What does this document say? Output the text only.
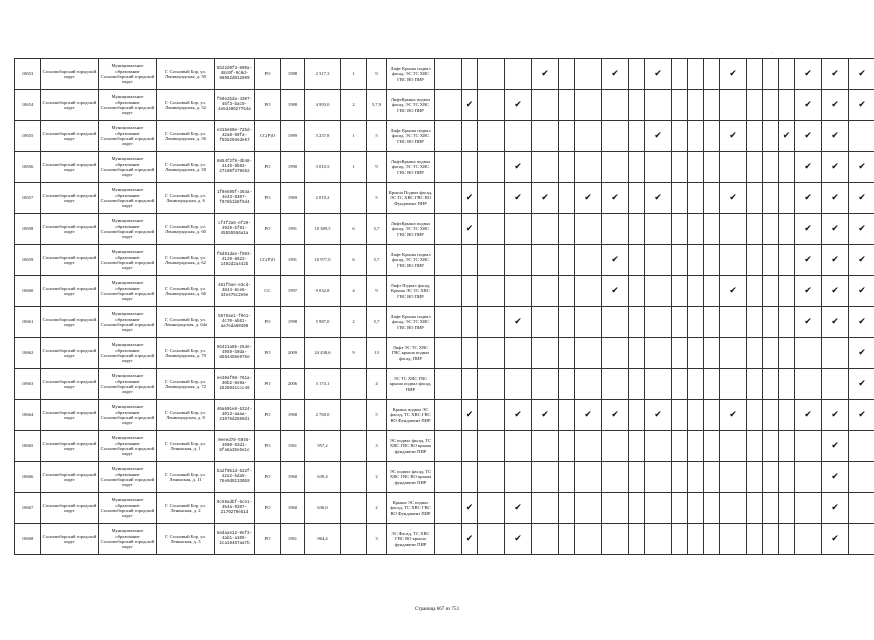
,
10653	Сосновоборский городской округ	Муниципальное образование Сосновоборский городской округ	Г. Сосновый Бор, ул. Ленинградская, д. 50	5b22d9f3-609a-48c0f-9c8d-86662d012999	РО	1988	2 317,3	1	9	Лифт Крыша подвал фасад, ЭС ТС ХВС ГВС ВО ПИР					✔			✔		✔				✔				✔	✔	✔
10654	Сосновоборский городской округ	Муниципальное образование Сосновоборский городской округ	Г. Сосновый Бор, ул. Ленинградская, д. 52	f50e2bda-4307-45f3-bac9-4e5340027754a	РО	1988	4 993,0	2	5,7,9	ЛифтКрыша подвал фасад, ЭС ТС ХВС ГВС ВО ПИР		✔		✔														✔	✔	✔
10655	Сосновоборский городской округ	Муниципальное образование Сосновоборский городской округ	Г. Сосновый Бор, ул. Ленинградская, д. 56	e315e50e-72bd-42a8-99fa-f5b5203ede67	СС(Р)О	1989	3 237,8	1	5	Лифт Крыша подвал фасад, ЭС ТС ХВС ГВС ВО ПИР										✔				✔			✔	✔	✔	
10656	Сосновоборский городской округ	Муниципальное образование Сосновоборский городской округ	Г. Сосновый Бор, ул. Ленинградская, д. 58	6854f2f9-db48-4145-9b93-27106f379e52	РО	1990	3 010,5	1	9	ЛифтКрыша подвал фасад, ЭС ТС ХВС ГВС ВО ПИР				✔														✔	✔	✔
10657	Сосновоборский городской округ	Муниципальное образование Сосновоборский городской округ	Г. Сосновый Бор, ул. Ленинградская, д. 6	1f0e595f-364a-4e43-8307-f078b1b8f5d4	РО	1969	2 019,2		5	Крыша Подвал фасад, ЭС ТС ХВС ГВС ВО Фундамент ПИР		✔		✔	✔		✔	✔		✔				✔				✔	✔	✔
10658	Сосновоборский городской округ	Муниципальное образование Сосновоборский городской округ	Г. Сосновый Бор, ул. Ленинградская, д. 60	cf4f3a5-ef29-4929-bf91-45555556a1a	РО	1991	10 389,5	6	5,7	ЛифтКрыша подвал фасад, ЭС ТС ХВС ГВС ВО ПИР		✔																✔	✔	✔
10659	Сосновоборский городской округ	Муниципальное образование Сосновоборский городской округ	Г. Сосновый Бор, ул. Ленинградская, д. 62	f5d61dae-f093-4129-8622-1492d2a442b	СС(Р)О	1991	10 977,0	6	5,7	Лифт Крыша подвал фасад, ЭС ТС ХВС ГВС ВО ПИР								✔										✔	✔	✔
10660	Сосновоборский городской округ	Муниципальное образование Сосновоборский городской округ	Г. Сосновый Бор, ул. Ленинградская, д. 66	461f5ae-e3cd-4844-8ce6-34e475c2e9e	СС	1997	9 032,8	4	9	Лифт Подвал фасад, Крыша ЭС ТС ХВС ГВС ВО ПИР								✔						✔				✔	✔	✔
10661	Сосновоборский городской округ	Муниципальное образование Сосновоборский городской округ	Г. Сосновый Бор, ул. Ленинградская, д. 64а	5675ae1-f9e1-4c70-ab61-aa7eda60498	РО	1998	5 987,0	2	5,7	Лифт Крыша подвал фасад, ЭС ТС ХВС ГВС ВО ПИР				✔														✔	✔	✔
10662	Сосновоборский городской округ	Муниципальное образование Сосновоборский городской округ	Г. Сосновый Бор, ул. Ленинградская, д. 70	96421a85-254e-4959-b9da-8564456e975e	РО	2009	24 438,6	9	13	Лифт ЭС ТС ХВС ГВС крыша подвал фасад, ПИР																				✔
10663	Сосновоборский городской округ	Муниципальное образование Сосновоборский городской округ	Г. Сосновый Бор, ул. Ленинградская, д. 72	ee30af08-761a-40b2-8e9a-2526641ccc46	РО	2006	3 173,1		4	ЭС ТС ХВС ГВС крыша подвал фасад, ПИР																				✔
10664	Сосновоборский городской округ	Муниципальное образование Сосновоборский городской округ	Г. Сосновый Бор, ул. Ленинградская, д. 8	40a601e6-6324-4013-aaaa-23675d2559d1	РО	1968	2 760,0		5	Крыша подвал ЭС фасад, ТС ХВС ГВС ВО Фундамент ПИР		✔		✔	✔		✔	✔		✔				✔				✔	✔	✔
10665	Сосновоборский городской округ	Муниципальное образование Сосновоборский городской округ	Г. Сосновый Бор, ул. Ленинская, д. 1	0eeed78-5945-4990-93d1-6fa6a35e5e1c	РО	1961	957,2		3	ЭС подвал фасад, ТС ХВС ГВС ВО крыша фундамент ПИР																			✔	
10666	Сосновоборский городской округ	Муниципальное образование Сосновоборский городской округ	Г. Сосновый Бор, ул. Ленинская, д. 11	ba2f0b1d-522f-42a2-bda5-76e9d91339b9	РО	1960	639,4		2	ЭС подвал фасад, ТС ХВС ГВС ВО крыша фундамент ПИР																			✔	
10667	Сосновоборский городской округ	Муниципальное образование Сосновоборский городской округ	Г. Сосновый Бор, ул. Ленинская, д. 2	9c59adbf-6ce1-454a-9397-2170279eb1d	РО	1960	636,0		2	Крыша ЭС подвал фасад, ТС ХВС ГВС ВО Фундамент ПИР		✔		✔															✔	
10668	Сосновоборский городской округ	Муниципальное образование Сосновоборский городской округ	Г. Сосновый Бор, ул. Ленинская, д. 3	5edaae12-9ef3-4ab1-a109-2ca19467aa7b	РО	1961	964,4		3	ЭС Фасад, ТС ХВС ГВС ВО крыша фундамент ПИР		✔		✔															✔	
Страница 667 из 753
